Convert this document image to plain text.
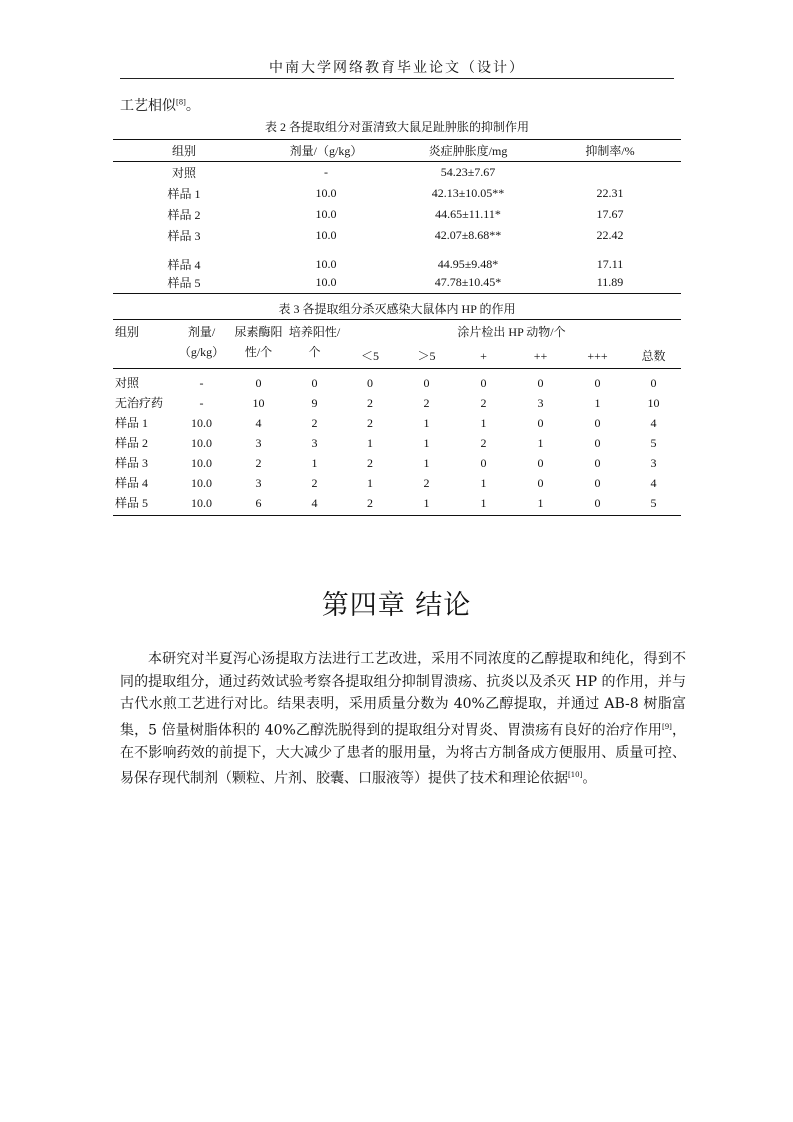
中南大学网络教育毕业论文（设计）
工艺相似[8]。
表 2 各提取组分对蛋清致大鼠足趾肿胀的抑制作用
组别	剂量/（g/kg）	炎症肿胀度/mg	抑制率/%
对照	-	54.23±7.67	
样品 1	10.0	42.13±10.05**	22.31
样品 2	10.0	44.65±11.11*	17.67
样品 3	10.0	42.07±8.68**	22.42
样品 4	10.0	44.95±9.48*	17.11
样品 5	10.0	47.78±10.45*	11.89
表 3 各提取组分杀灭感染大鼠体内 HP 的作用
组别	剂量/（g/kg）	尿素酶阳性/个	培养阳性/个	涂片检出 HP 动物/个					
				＜5	＞5	+	++	+++	总数
对照	-	0	0	0	0	0	0	0	0
无治疗药	-	10	9	2	2	2	3	1	10
样品 1	10.0	4	2	2	1	1	0	0	4
样品 2	10.0	3	3	1	1	2	1	0	5
样品 3	10.0	2	1	2	1	0	0	0	3
样品 4	10.0	3	2	1	2	1	0	0	4
样品 5	10.0	6	4	2	1	1	1	0	5
第四章 结论
本研究对半夏泻心汤提取方法进行工艺改进，采用不同浓度的乙醇提取和纯化，得到不同的提取组分，通过药效试验考察各提取组分抑制胃溃疡、抗炎以及杀灭 HP 的作用，并与古代水煎工艺进行对比。结果表明，采用质量分数为 40%乙醇提取，并通过 AB-8 树脂富集，5 倍量树脂体积的 40%乙醇洗脱得到的提取组分对胃炎、胃溃疡有良好的治疗作用[9]，在不影响药效的前提下，大大减少了患者的服用量，为将古方制备成方便服用、质量可控、易保存现代制剂（颗粒、片剂、胶囊、口服液等）提供了技术和理论依据[10]。
